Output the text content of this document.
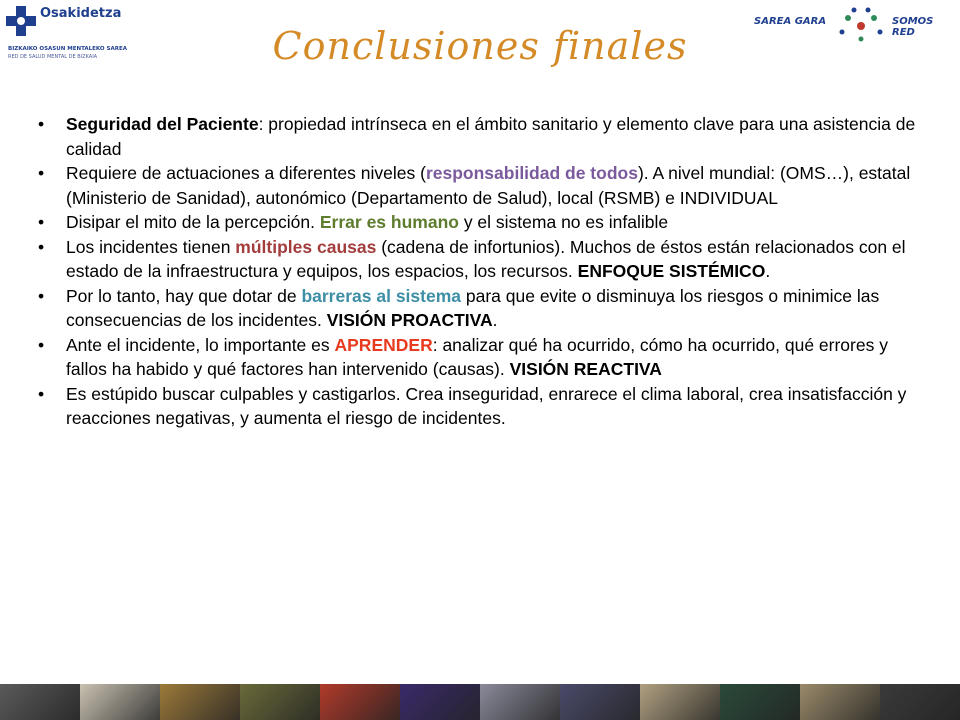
Osakidetza
BIZKAIKO OSASUN MENTALEKO SAREA
RED DE SALUD MENTAL DE BIZKAIA
SAREA GARA	SOMOS RED
Conclusiones finales
• Seguridad del Paciente: propiedad intrínseca en el ámbito sanitario y elemento clave para una asistencia de calidad
• Requiere de actuaciones a diferentes niveles (responsabilidad de todos). A nivel mundial: (OMS…), estatal (Ministerio de Sanidad), autonómico (Departamento de Salud), local (RSMB) e INDIVIDUAL
• Disipar el mito de la percepción. Errar es humano y el sistema no es infalible
• Los incidentes tienen múltiples causas (cadena de infortunios). Muchos de éstos están relacionados con el estado de la infraestructura y equipos, los espacios, los recursos. ENFOQUE SISTÉMICO.
• Por lo tanto, hay que dotar de barreras al sistema para que evite o disminuya los riesgos o minimice las consecuencias de los incidentes. VISIÓN PROACTIVA.
• Ante el incidente, lo importante es APRENDER: analizar qué ha ocurrido, cómo ha ocurrido, qué errores y fallos ha habido y qué factores han intervenido (causas). VISIÓN REACTIVA
• Es estúpido buscar culpables y castigarlos. Crea inseguridad, enrarece el clima laboral, crea insatisfacción y reacciones negativas, y aumenta el riesgo de incidentes.
